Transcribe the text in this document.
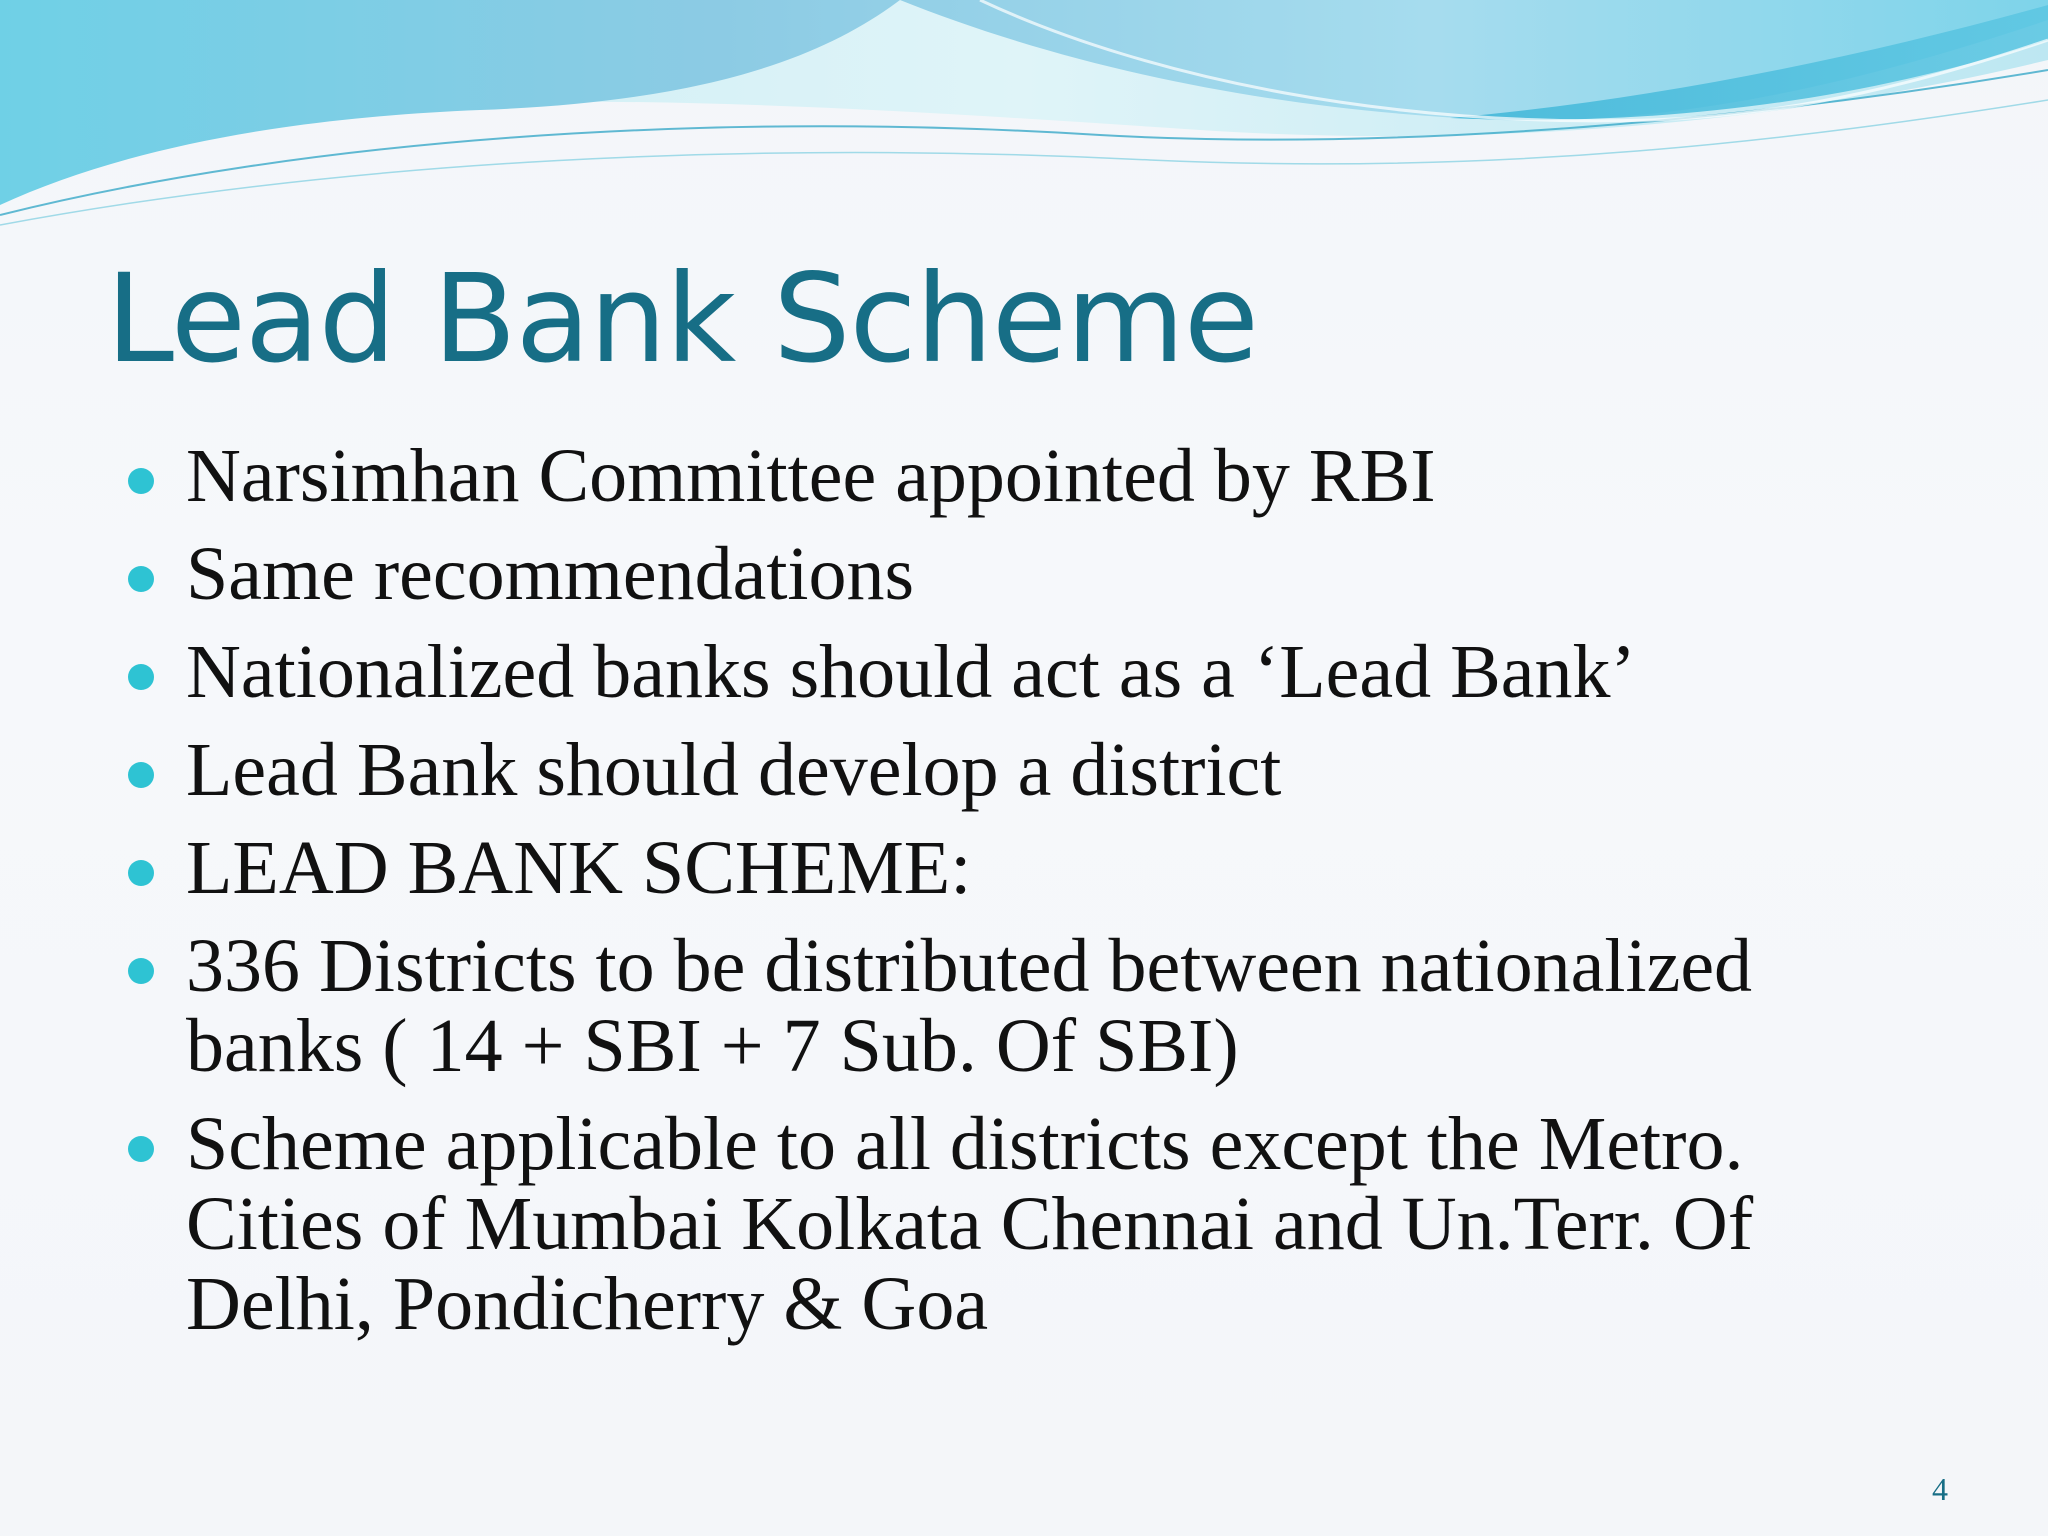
Lead Bank Scheme
Narsimhan Committee appointed by RBI
Same recommendations
Nationalized banks should act as a ‘Lead Bank’
Lead Bank should develop a district
LEAD BANK SCHEME:
336 Districts to be distributed between nationalized banks ( 14 + SBI + 7 Sub. Of SBI)
Scheme applicable to all districts except the Metro. Cities of Mumbai Kolkata Chennai and Un.Terr. Of Delhi, Pondicherry & Goa
4
